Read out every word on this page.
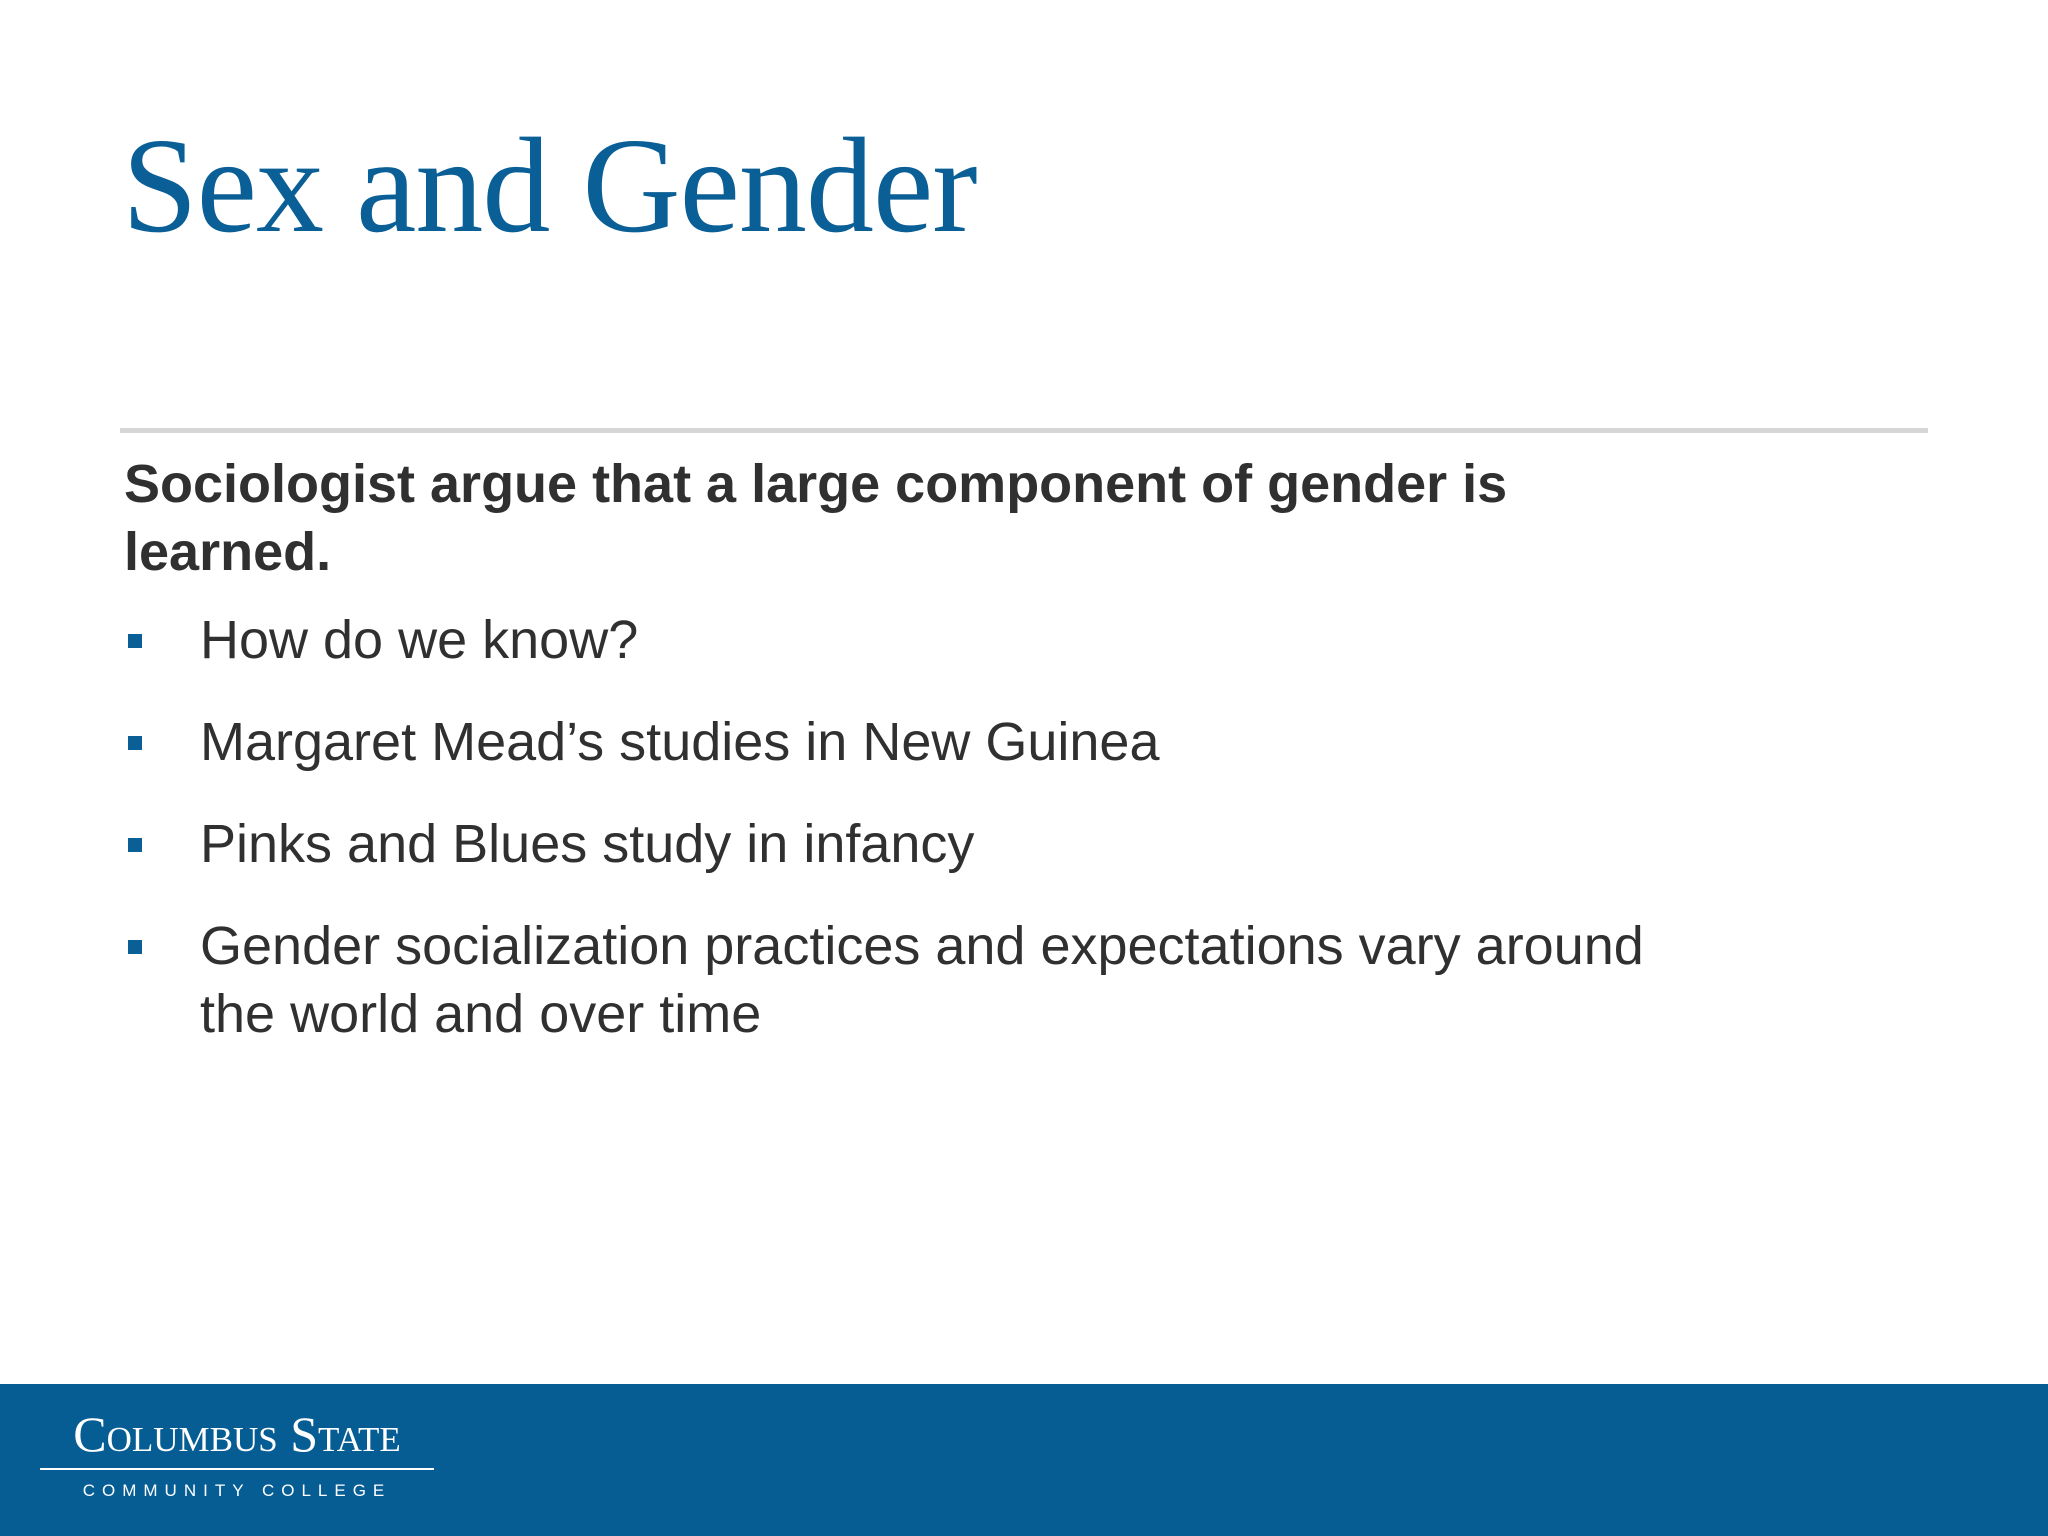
Sex and Gender

Sociologist argue that a large component of gender is learned.

How do we know?
Margaret Mead’s studies in New Guinea
Pinks and Blues study in infancy
Gender socialization practices and expectations vary around the world and over time
Columbus State
COMMUNITY COLLEGE
